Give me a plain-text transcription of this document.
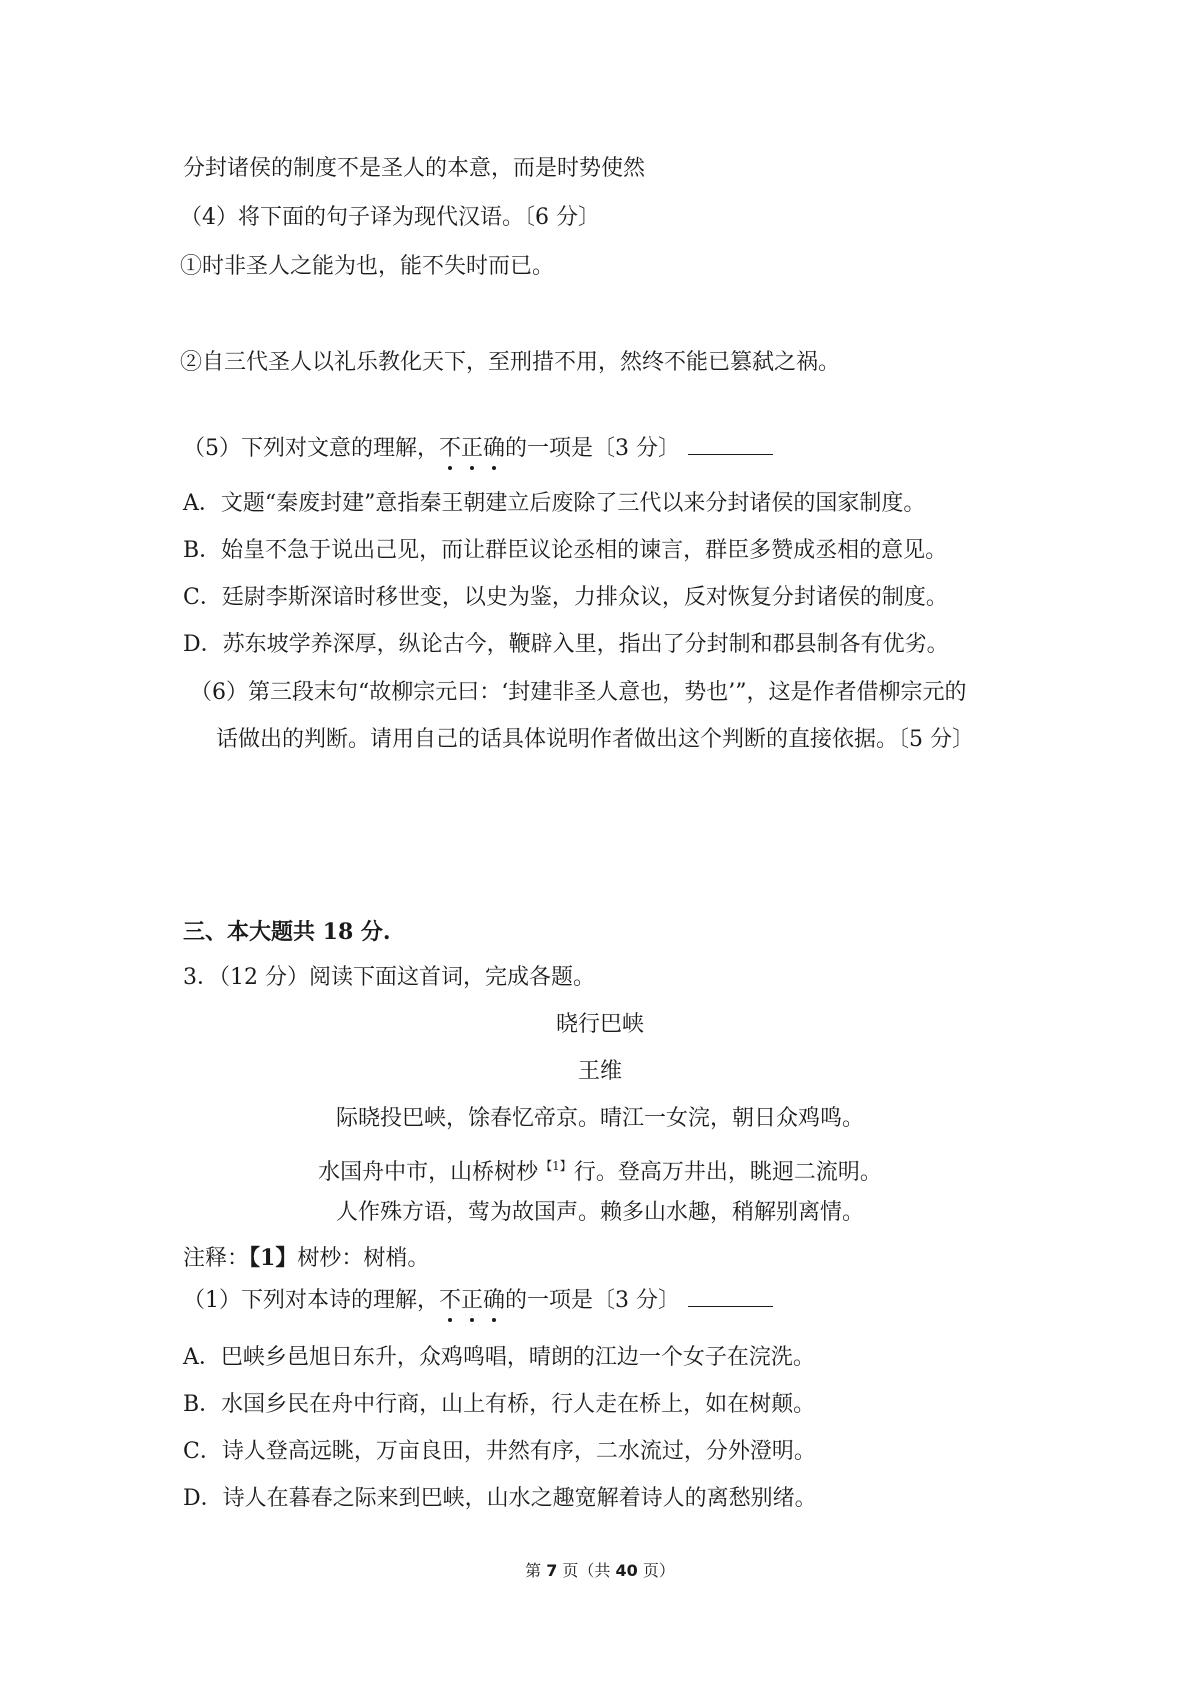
分封诸侯的制度不是圣人的本意，而是时势使然
（4）将下面的句子译为现代汉语。〔6 分〕
①时非圣人之能为也，能不失时而已。
②自三代圣人以礼乐教化天下，至刑措不用，然终不能已篡弑之祸。
（5）下列对文意的理解，不正确的一项是〔3 分〕
A．文题“秦废封建”意指秦王朝建立后废除了三代以来分封诸侯的国家制度。
B．始皇不急于说出己见，而让群臣议论丞相的谏言，群臣多赞成丞相的意见。
C．廷尉李斯深谙时移世变，以史为鉴，力排众议，反对恢复分封诸侯的制度。
D．苏东坡学养深厚，纵论古今，鞭辟入里，指出了分封制和郡县制各有优劣。
（6）第三段末句“故柳宗元曰：‘封建非圣人意也，势也’”，这是作者借柳宗元的
话做出的判断。请用自己的话具体说明作者做出这个判断的直接依据。〔5 分〕
三、本大题共 18 分.
3．（12 分）阅读下面这首词，完成各题。
晓行巴峡
王维
际晓投巴峡，馀春忆帝京。晴江一女浣，朝日众鸡鸣。
水国舟中市，山桥树杪 $^{【1】}$行。登高万井出，眺迥二流明。
人作殊方语，莺为故国声。赖多山水趣，稍解别离情。
注释：【1】树杪：树梢。
（1）下列对本诗的理解，不正确的一项是〔3 分〕
A．巴峡乡邑旭日东升，众鸡鸣唱，晴朗的江边一个女子在浣洗。
B．水国乡民在舟中行商，山上有桥，行人走在桥上，如在树颠。
C．诗人登高远眺，万亩良田，井然有序，二水流过，分外澄明。
D．诗人在暮春之际来到巴峡，山水之趣宽解着诗人的离愁别绪。
第 7 页（共 40 页）
